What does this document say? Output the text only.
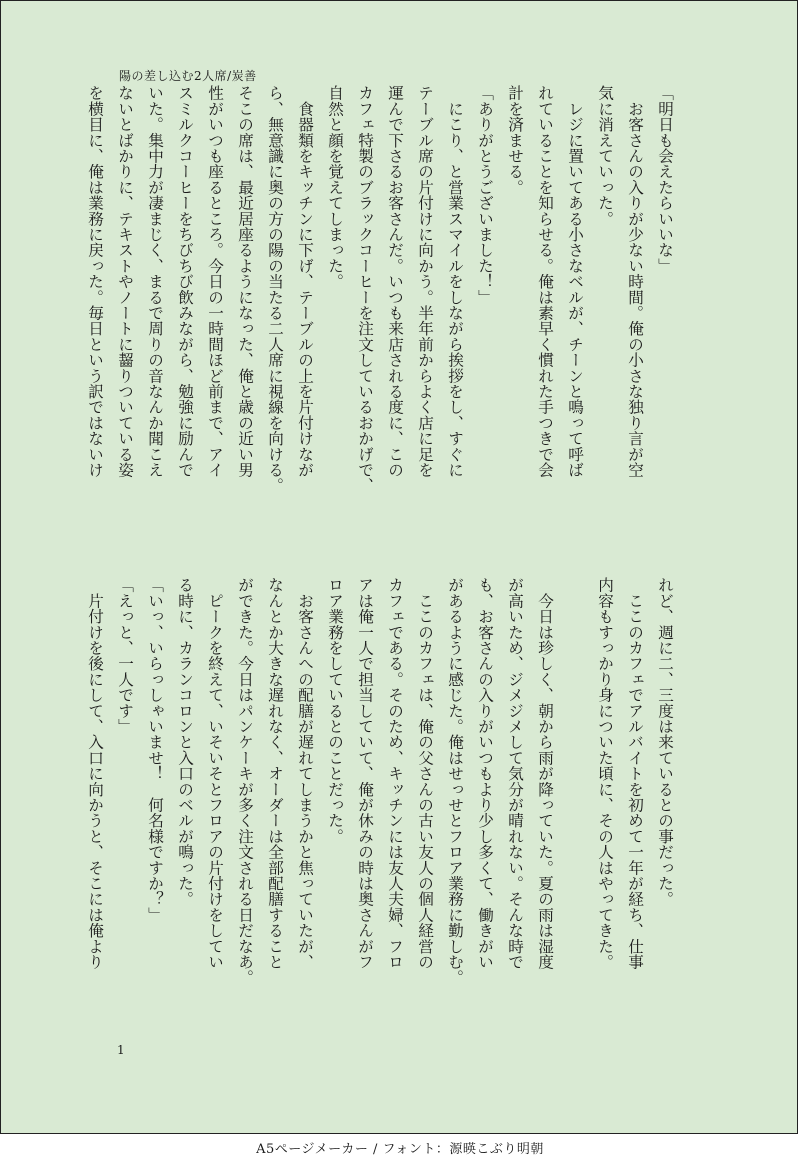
陽の差し込む2人席/炭善

「明日も会えたらいいな」

　お客さんの入りが少ない時間。俺の小さな独り言が空

気に消えていった。

　レジに置いてある小さなベルが、チーンと鳴って呼ば

れていることを知らせる。俺は素早く慣れた手つきで会

計を済ませる。

「ありがとうございました！」

　にこり、と営業スマイルをしながら挨拶をし、すぐに

テーブル席の片付けに向かう。半年前からよく店に足を

運んで下さるお客さんだ。いつも来店される度に、この

カフェ特製のブラックコーヒーを注文しているおかげで、

自然と顔を覚えてしまった。

　食器類をキッチンに下げ、テーブルの上を片付けなが

ら、無意識に奥の方の陽の当たる二人席に視線を向ける。

そこの席は、最近居座るようになった、俺と歳の近い男

性がいつも座るところ。今日の一時間ほど前まで、アイ

スミルクコーヒーをちびちび飲みながら、勉強に励んで

いた。集中力が凄まじく、まるで周りの音なんか聞こえ

ないとばかりに、テキストやノートに齧りついている姿

を横目に、俺は業務に戻った。毎日という訳ではないけ

れど、週に二、三度は来ているとの事だった。

　ここのカフェでアルバイトを初めて一年が経ち、仕事

内容もすっかり身についた頃に、その人はやってきた。

　今日は珍しく、朝から雨が降っていた。夏の雨は湿度

が高いため、ジメジメして気分が晴れない。そんな時で

も、お客さんの入りがいつもより少し多くて、働きがい

があるように感じた。俺はせっせとフロア業務に勤しむ。

　ここのカフェは、俺の父さんの古い友人の個人経営の

カフェである。そのため、キッチンには友人夫婦、フロ

アは俺一人で担当していて、俺が休みの時は奥さんがフ

ロア業務をしているとのことだった。

　お客さんへの配膳が遅れてしまうかと焦っていたが、

なんとか大きな遅れなく、オーダーは全部配膳すること

ができた。今日はパンケーキが多く注文される日だなあ。

　ピークを終えて、いそいそとフロアの片付けをしてい

る時に、カランコロンと入口のベルが鳴った。

「いっ、いらっしゃいませ！　何名様ですか？」

「えっと、一人です」

　片付けを後にして、入口に向かうと、そこには俺より

1
A5ページメーカー / フォント：源暎こぶり明朝
